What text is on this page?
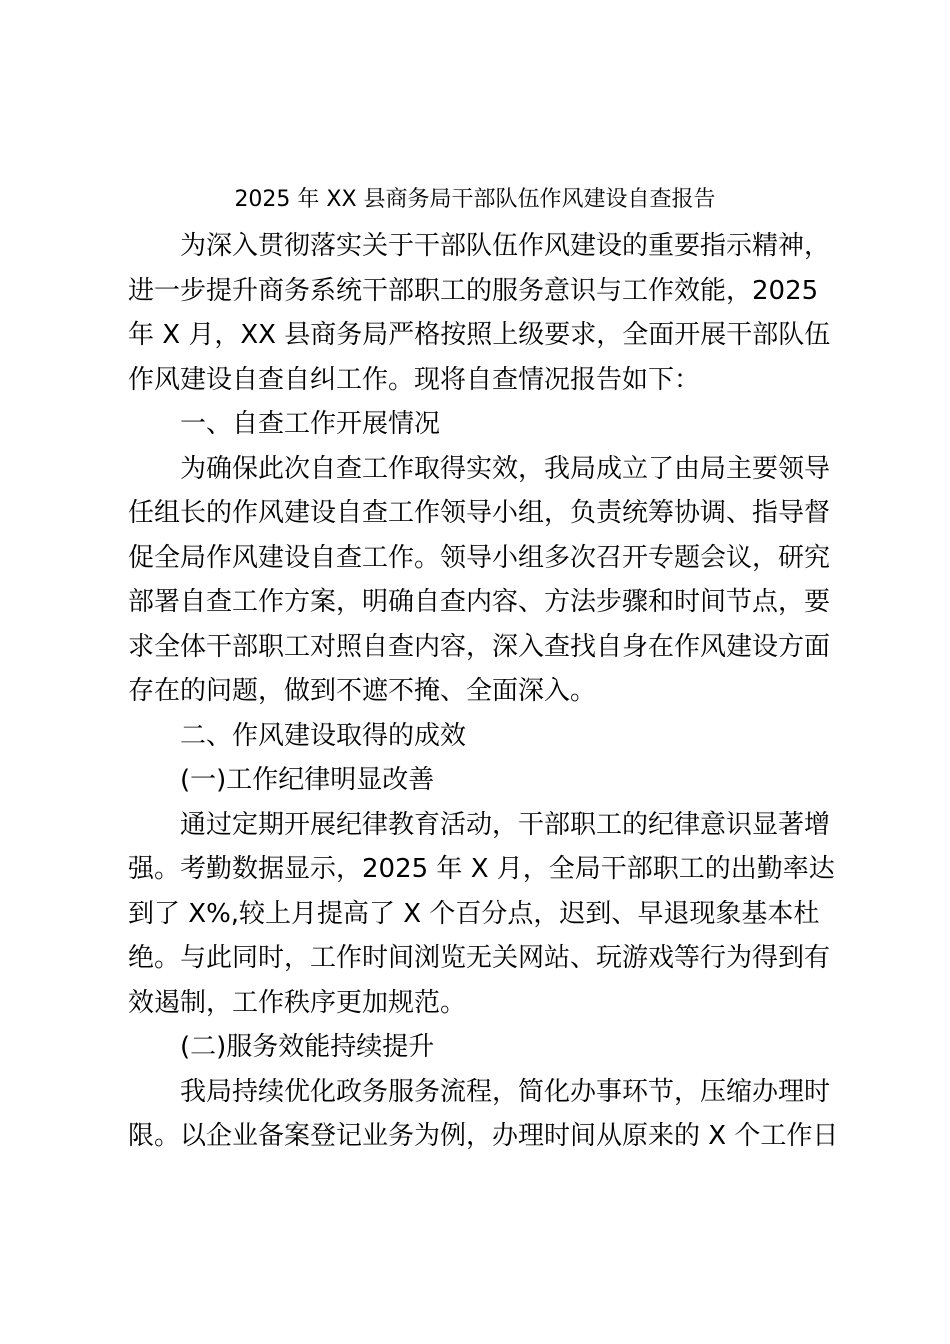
2025 年 XX 县商务局干部队伍作风建设自查报告

为深入贯彻落实关于干部队伍作风建设的重要指示精神，
进一步提升商务系统干部职工的服务意识与工作效能，2025
年 X 月，XX 县商务局严格按照上级要求，全面开展干部队伍
作风建设自查自纠工作。现将自查情况报告如下：

一、自查工作开展情况

为确保此次自查工作取得实效，我局成立了由局主要领导
任组长的作风建设自查工作领导小组，负责统筹协调、指导督
促全局作风建设自查工作。领导小组多次召开专题会议，研究
部署自查工作方案，明确自查内容、方法步骤和时间节点，要
求全体干部职工对照自查内容，深入查找自身在作风建设方面
存在的问题，做到不遮不掩、全面深入。

二、作风建设取得的成效

(一)工作纪律明显改善

通过定期开展纪律教育活动，干部职工的纪律意识显著增
强。考勤数据显示，2025 年 X 月，全局干部职工的出勤率达
到了 X%,较上月提高了 X 个百分点，迟到、早退现象基本杜
绝。与此同时，工作时间浏览无关网站、玩游戏等行为得到有
效遏制，工作秩序更加规范。

(二)服务效能持续提升

我局持续优化政务服务流程，简化办事环节，压缩办理时
限。以企业备案登记业务为例，办理时间从原来的 X 个工作日
